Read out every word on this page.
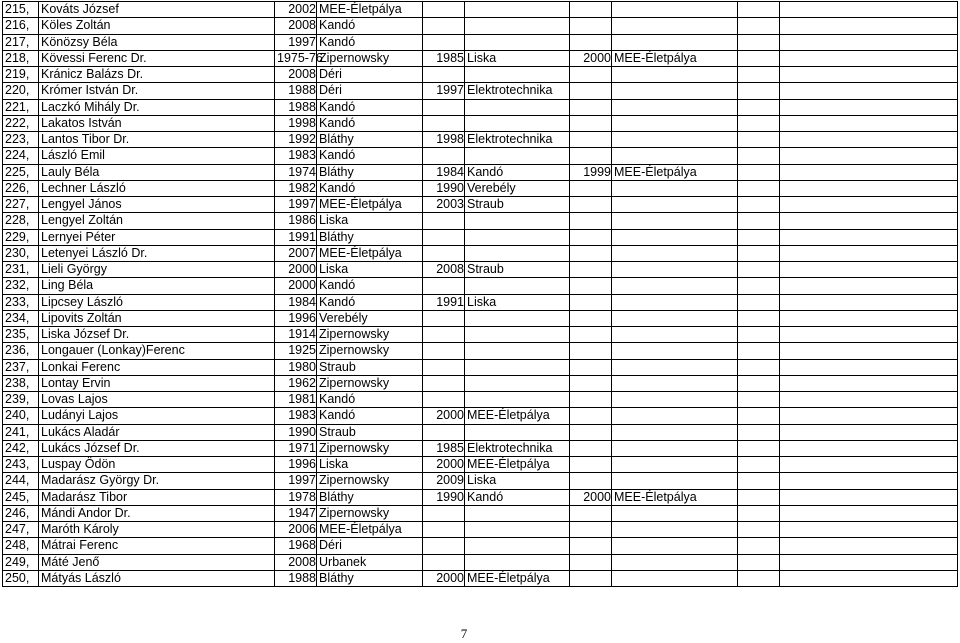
215,	Kováts József	2002	MEE-Életpálya						
216,	Köles Zoltán	2008	Kandó						
217,	Könözsy Béla	1997	Kandó						
218,	Kövessi Ferenc Dr.	1975-76	Zipernowsky	1985	Liska	2000	MEE-Életpálya		
219,	Kránicz Balázs Dr.	2008	Déri						
220,	Krómer István Dr.	1988	Déri	1997	Elektrotechnika				
221,	Laczkó Mihály Dr.	1988	Kandó						
222,	Lakatos István	1998	Kandó						
223,	Lantos Tibor Dr.	1992	Bláthy	1998	Elektrotechnika				
224,	László Emil	1983	Kandó						
225,	Lauly Béla	1974	Bláthy	1984	Kandó	1999	MEE-Életpálya		
226,	Lechner László	1982	Kandó	1990	Verebély				
227,	Lengyel János	1997	MEE-Életpálya	2003	Straub				
228,	Lengyel Zoltán	1986	Liska						
229,	Lernyei Péter	1991	Bláthy						
230,	Letenyei László Dr.	2007	MEE-Életpálya						
231,	Lieli György	2000	Liska	2008	Straub				
232,	Ling Béla	2000	Kandó						
233,	Lipcsey László	1984	Kandó	1991	Liska				
234,	Lipovits Zoltán	1996	Verebély						
235,	Liska József Dr.	1914	Zipernowsky						
236,	Longauer (Lonkay)Ferenc	1925	Zipernowsky						
237,	Lonkai Ferenc	1980	Straub						
238,	Lontay Ervin	1962	Zipernowsky						
239,	Lovas Lajos	1981	Kandó						
240,	Ludányi Lajos	1983	Kandó	2000	MEE-Életpálya				
241,	Lukács Aladár	1990	Straub						
242,	Lukács József Dr.	1971	Zipernowsky	1985	Elektrotechnika				
243,	Luspay Ödön	1996	Liska	2000	MEE-Életpálya				
244,	Madarász György Dr.	1997	Zipernowsky	2009	Liska				
245,	Madarász Tibor	1978	Bláthy	1990	Kandó	2000	MEE-Életpálya		
246,	Mándi Andor Dr.	1947	Zipernowsky						
247,	Maróth Károly	2006	MEE-Életpálya						
248,	Mátrai Ferenc	1968	Déri						
249,	Máté Jenő	2008	Urbanek						
250,	Mátyás László	1988	Bláthy	2000	MEE-Életpálya				
7
